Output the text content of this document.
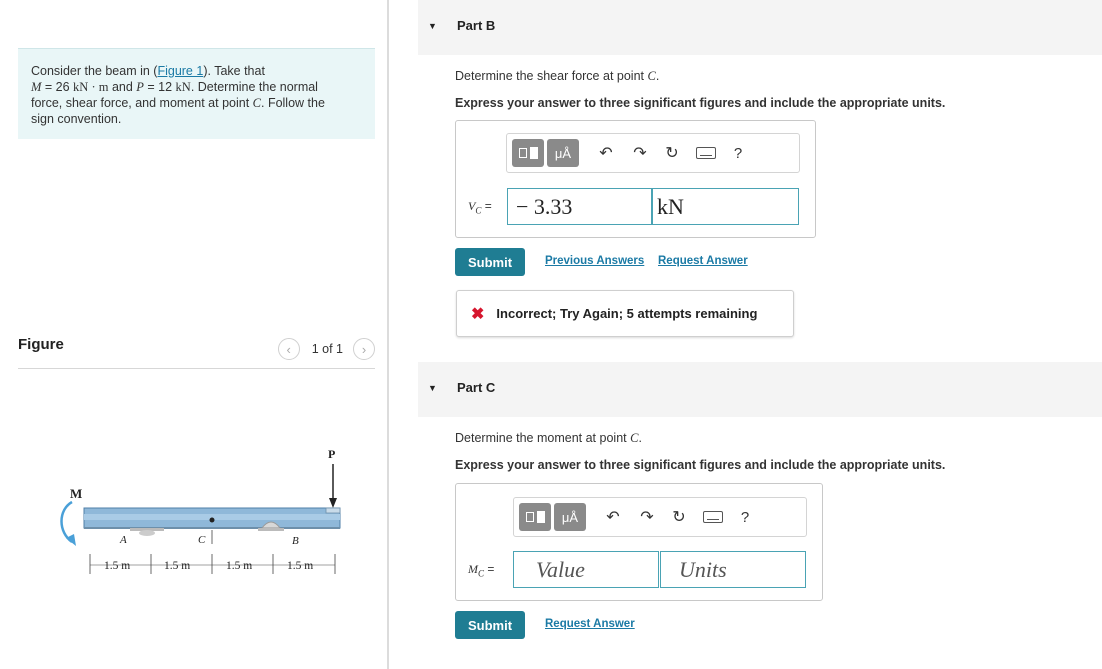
Consider the beam in (Figure 1). Take that
M = 26 kN · m and P = 12 kN. Determine the normal
force, shear force, and moment at point C. Follow the
sign convention.
Figure	‹ 1 of 1 ›
M
A	C	B
P
1.5 m	1.5 m	1.5 m	1.5 m
▼ Part B
Determine the shear force at point C.
Express your answer to three significant figures and include the appropriate units.
μÅ	↶ ↷ ↻	?
$V_C$ =	− 3.33	kN
Submit	Previous Answers Request Answer
✖ Incorrect; Try Again; 5 attempts remaining
▼ Part C
Determine the moment at point C.
Express your answer to three significant figures and include the appropriate units.
μÅ	↶ ↷ ↻	?
$M_C$ =	Value	Units
Submit	Request Answer
